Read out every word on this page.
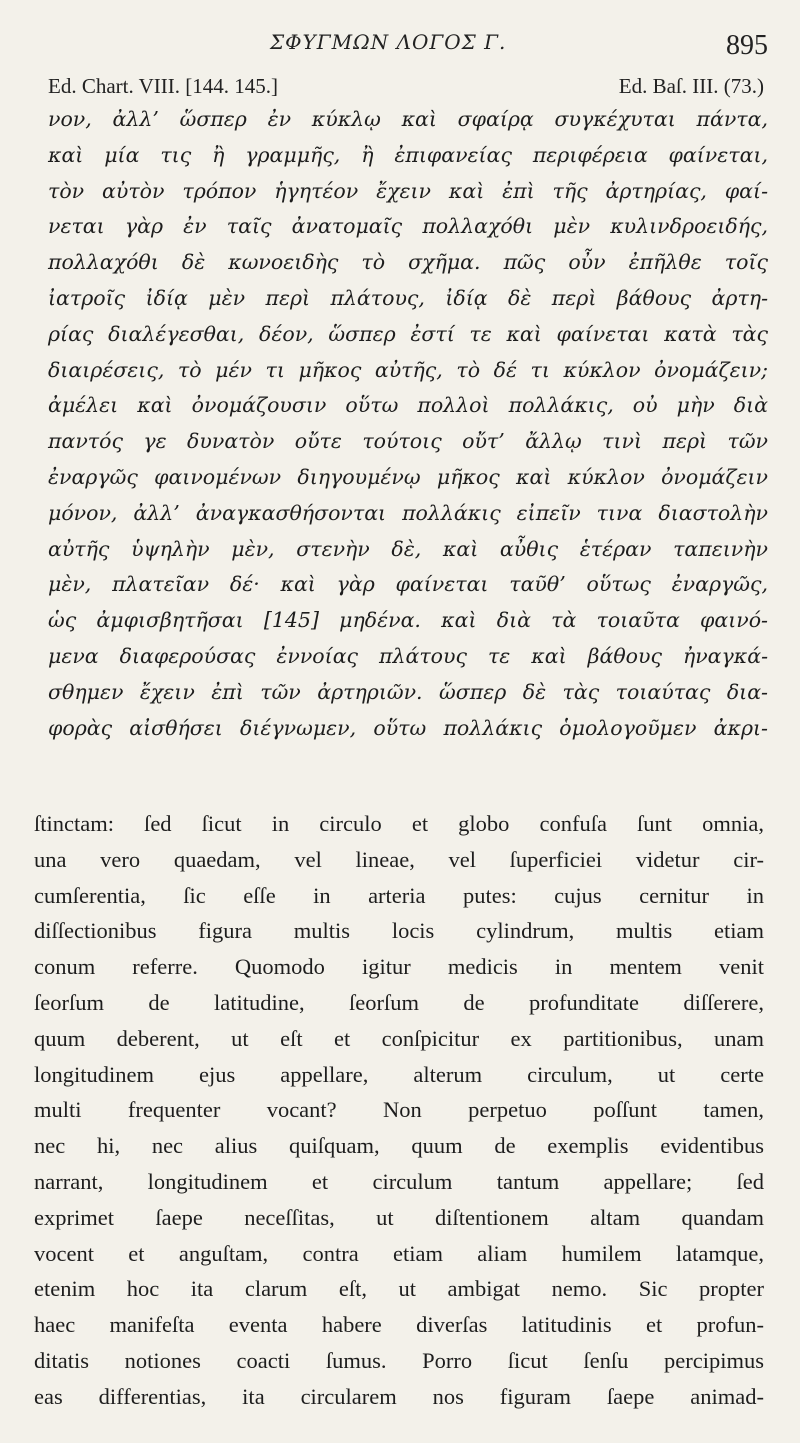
ΣΦΥΓΜΩΝ ΛΟΓΟΣ Γ.	895
Ed. Chart. VIII. [144. 145.]	Ed. Baſ. III. (73.)
νον, ἀλλ’ ὥσπερ ἐν κύκλῳ καὶ σφαίρᾳ συγκέχυται πάντα,
καὶ μία τις ἢ γραμμῆς, ἢ ἐπιφανείας περιφέρεια φαίνεται,
τὸν αὐτὸν τρόπον ἡγητέον ἔχειν καὶ ἐπὶ τῆς ἀρτηρίας, φαί-
νεται γὰρ ἐν ταῖς ἀνατομαῖς πολλαχόθι μὲν κυλινδροειδής,
πολλαχόθι δὲ κωνοειδὴς τὸ σχῆμα. πῶς οὖν ἐπῆλθε τοῖς
ἰατροῖς ἰδίᾳ μὲν περὶ πλάτους, ἰδίᾳ δὲ περὶ βάθους ἀρτη-
ρίας διαλέγεσθαι, δέον, ὥσπερ ἐστί τε καὶ φαίνεται κατὰ τὰς
διαιρέσεις, τὸ μέν τι μῆκος αὐτῆς, τὸ δέ τι κύκλον ὀνομάζειν;
ἀμέλει καὶ ὀνομάζουσιν οὕτω πολλοὶ πολλάκις, οὐ μὴν διὰ
παντός γε δυνατὸν οὔτε τούτοις οὔτ’ ἄλλῳ τινὶ περὶ τῶν
ἐναργῶς φαινομένων διηγουμένῳ μῆκος καὶ κύκλον ὀνομάζειν
μόνον, ἀλλ’ ἀναγκασθήσονται πολλάκις εἰπεῖν τινα διαστολὴν
αὐτῆς ὑψηλὴν μὲν, στενὴν δὲ, καὶ αὖθις ἑτέραν ταπεινὴν
μὲν, πλατεῖαν δέ· καὶ γὰρ φαίνεται ταῦθ’ οὕτως ἐναργῶς,
ὡς ἀμφισβητῆσαι [145] μηδένα. καὶ διὰ τὰ τοιαῦτα φαινό-
μενα διαφερούσας ἐννοίας πλάτους τε καὶ βάθους ἠναγκά-
σθημεν ἔχειν ἐπὶ τῶν ἀρτηριῶν. ὥσπερ δὲ τὰς τοιαύτας δια-
φορὰς αἰσθήσει διέγνωμεν, οὕτω πολλάκις ὁμολογοῦμεν ἀκρι-
ſtinctam: ſed ſicut in circulo et globo confuſa ſunt omnia,
una vero quaedam, vel lineae, vel ſuperficiei videtur cir-
cumſerentia, ſic eſſe in arteria putes: cujus cernitur in
diſſectionibus figura multis locis cylindrum, multis etiam
conum referre. Quomodo igitur medicis in mentem venit
ſeorſum de latitudine, ſeorſum de profunditate diſſerere,
quum deberent, ut eſt et conſpicitur ex partitionibus, unam
longitudinem ejus appellare, alterum circulum, ut certe
multi frequenter vocant? Non perpetuo poſſunt tamen,
nec hi, nec alius quiſquam, quum de exemplis evidentibus
narrant, longitudinem et circulum tantum appellare; ſed
exprimet ſaepe neceſſitas, ut diſtentionem altam quandam
vocent et anguſtam, contra etiam aliam humilem latamque,
etenim hoc ita clarum eſt, ut ambigat nemo. Sic propter
haec manifeſta eventa habere diverſas latitudinis et profun-
ditatis notiones coacti ſumus. Porro ſicut ſenſu percipimus
eas differentias, ita circularem nos figuram ſaepe animad-
